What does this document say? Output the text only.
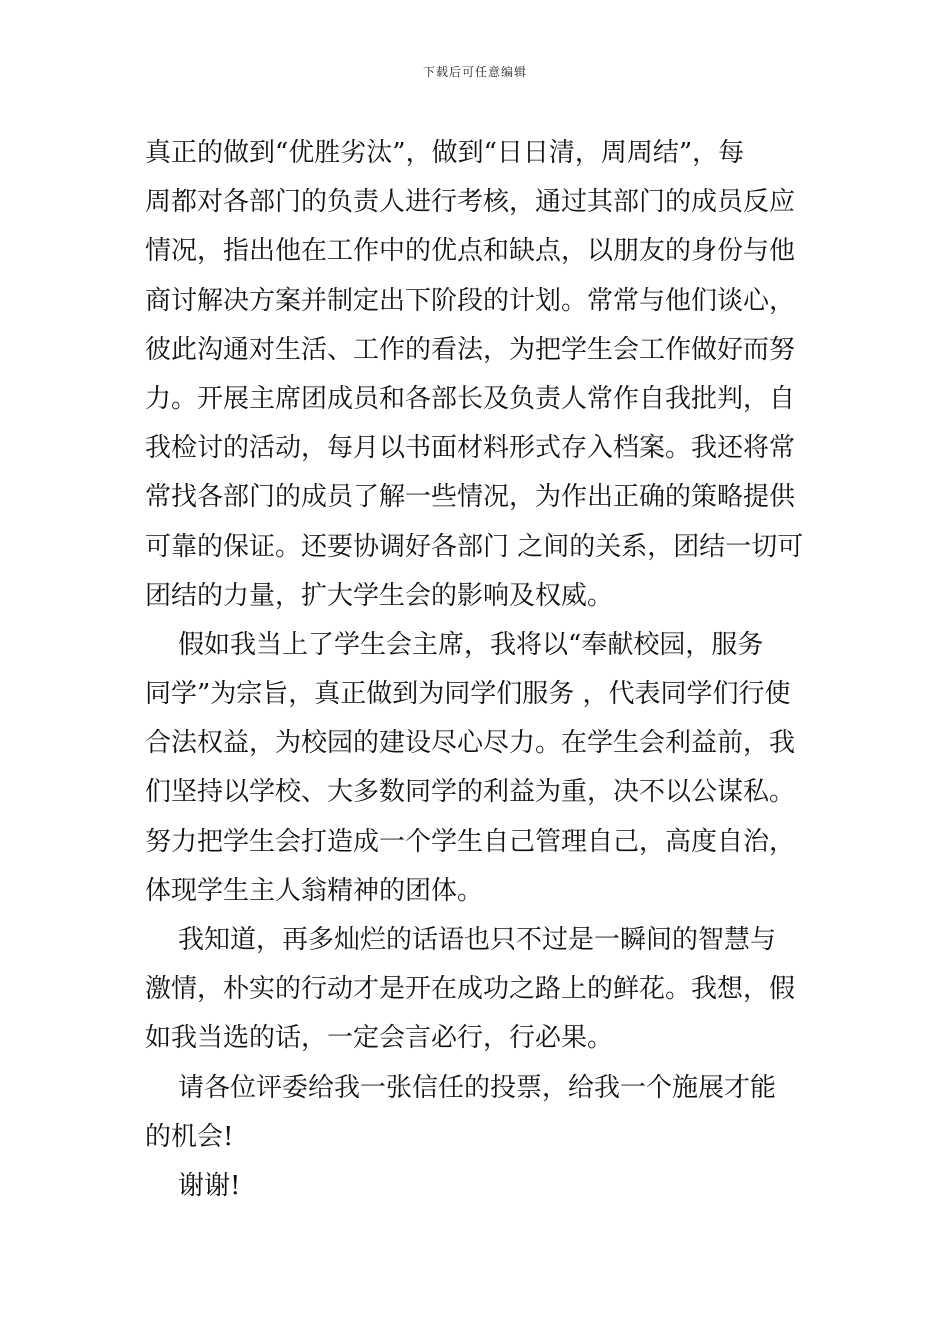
下载后可任意编辑
真正的做到“优胜劣汰”，做到“日日清，周周结”，每
周都对各部门的负责人进行考核，通过其部门的成员反应
情况，指出他在工作中的优点和缺点，以朋友的身份与他
商讨解决方案并制定出下阶段的计划。常常与他们谈心，
彼此沟通对生活、工作的看法，为把学生会工作做好而努
力。开展主席团成员和各部长及负责人常作自我批判，自
我检讨的活动，每月以书面材料形式存入档案。我还将常
常找各部门的成员了解一些情况，为作出正确的策略提供
可靠的保证。还要协调好各部门 之间的关系，团结一切可
团结的力量，扩大学生会的影响及权威。
假如我当上了学生会主席，我将以“奉献校园，服务
同学”为宗旨，真正做到为同学们服务 ，代表同学们行使
合法权益，为校园的建设尽心尽力。在学生会利益前，我
们坚持以学校、大多数同学的利益为重，决不以公谋私。
努力把学生会打造成一个学生自己管理自己，高度自治，
体现学生主人翁精神的团体。
我知道，再多灿烂的话语也只不过是一瞬间的智慧与
激情，朴实的行动才是开在成功之路上的鲜花。我想，假
如我当选的话，一定会言必行，行必果。
请各位评委给我一张信任的投票，给我一个施展才能
的机会!
谢谢!
